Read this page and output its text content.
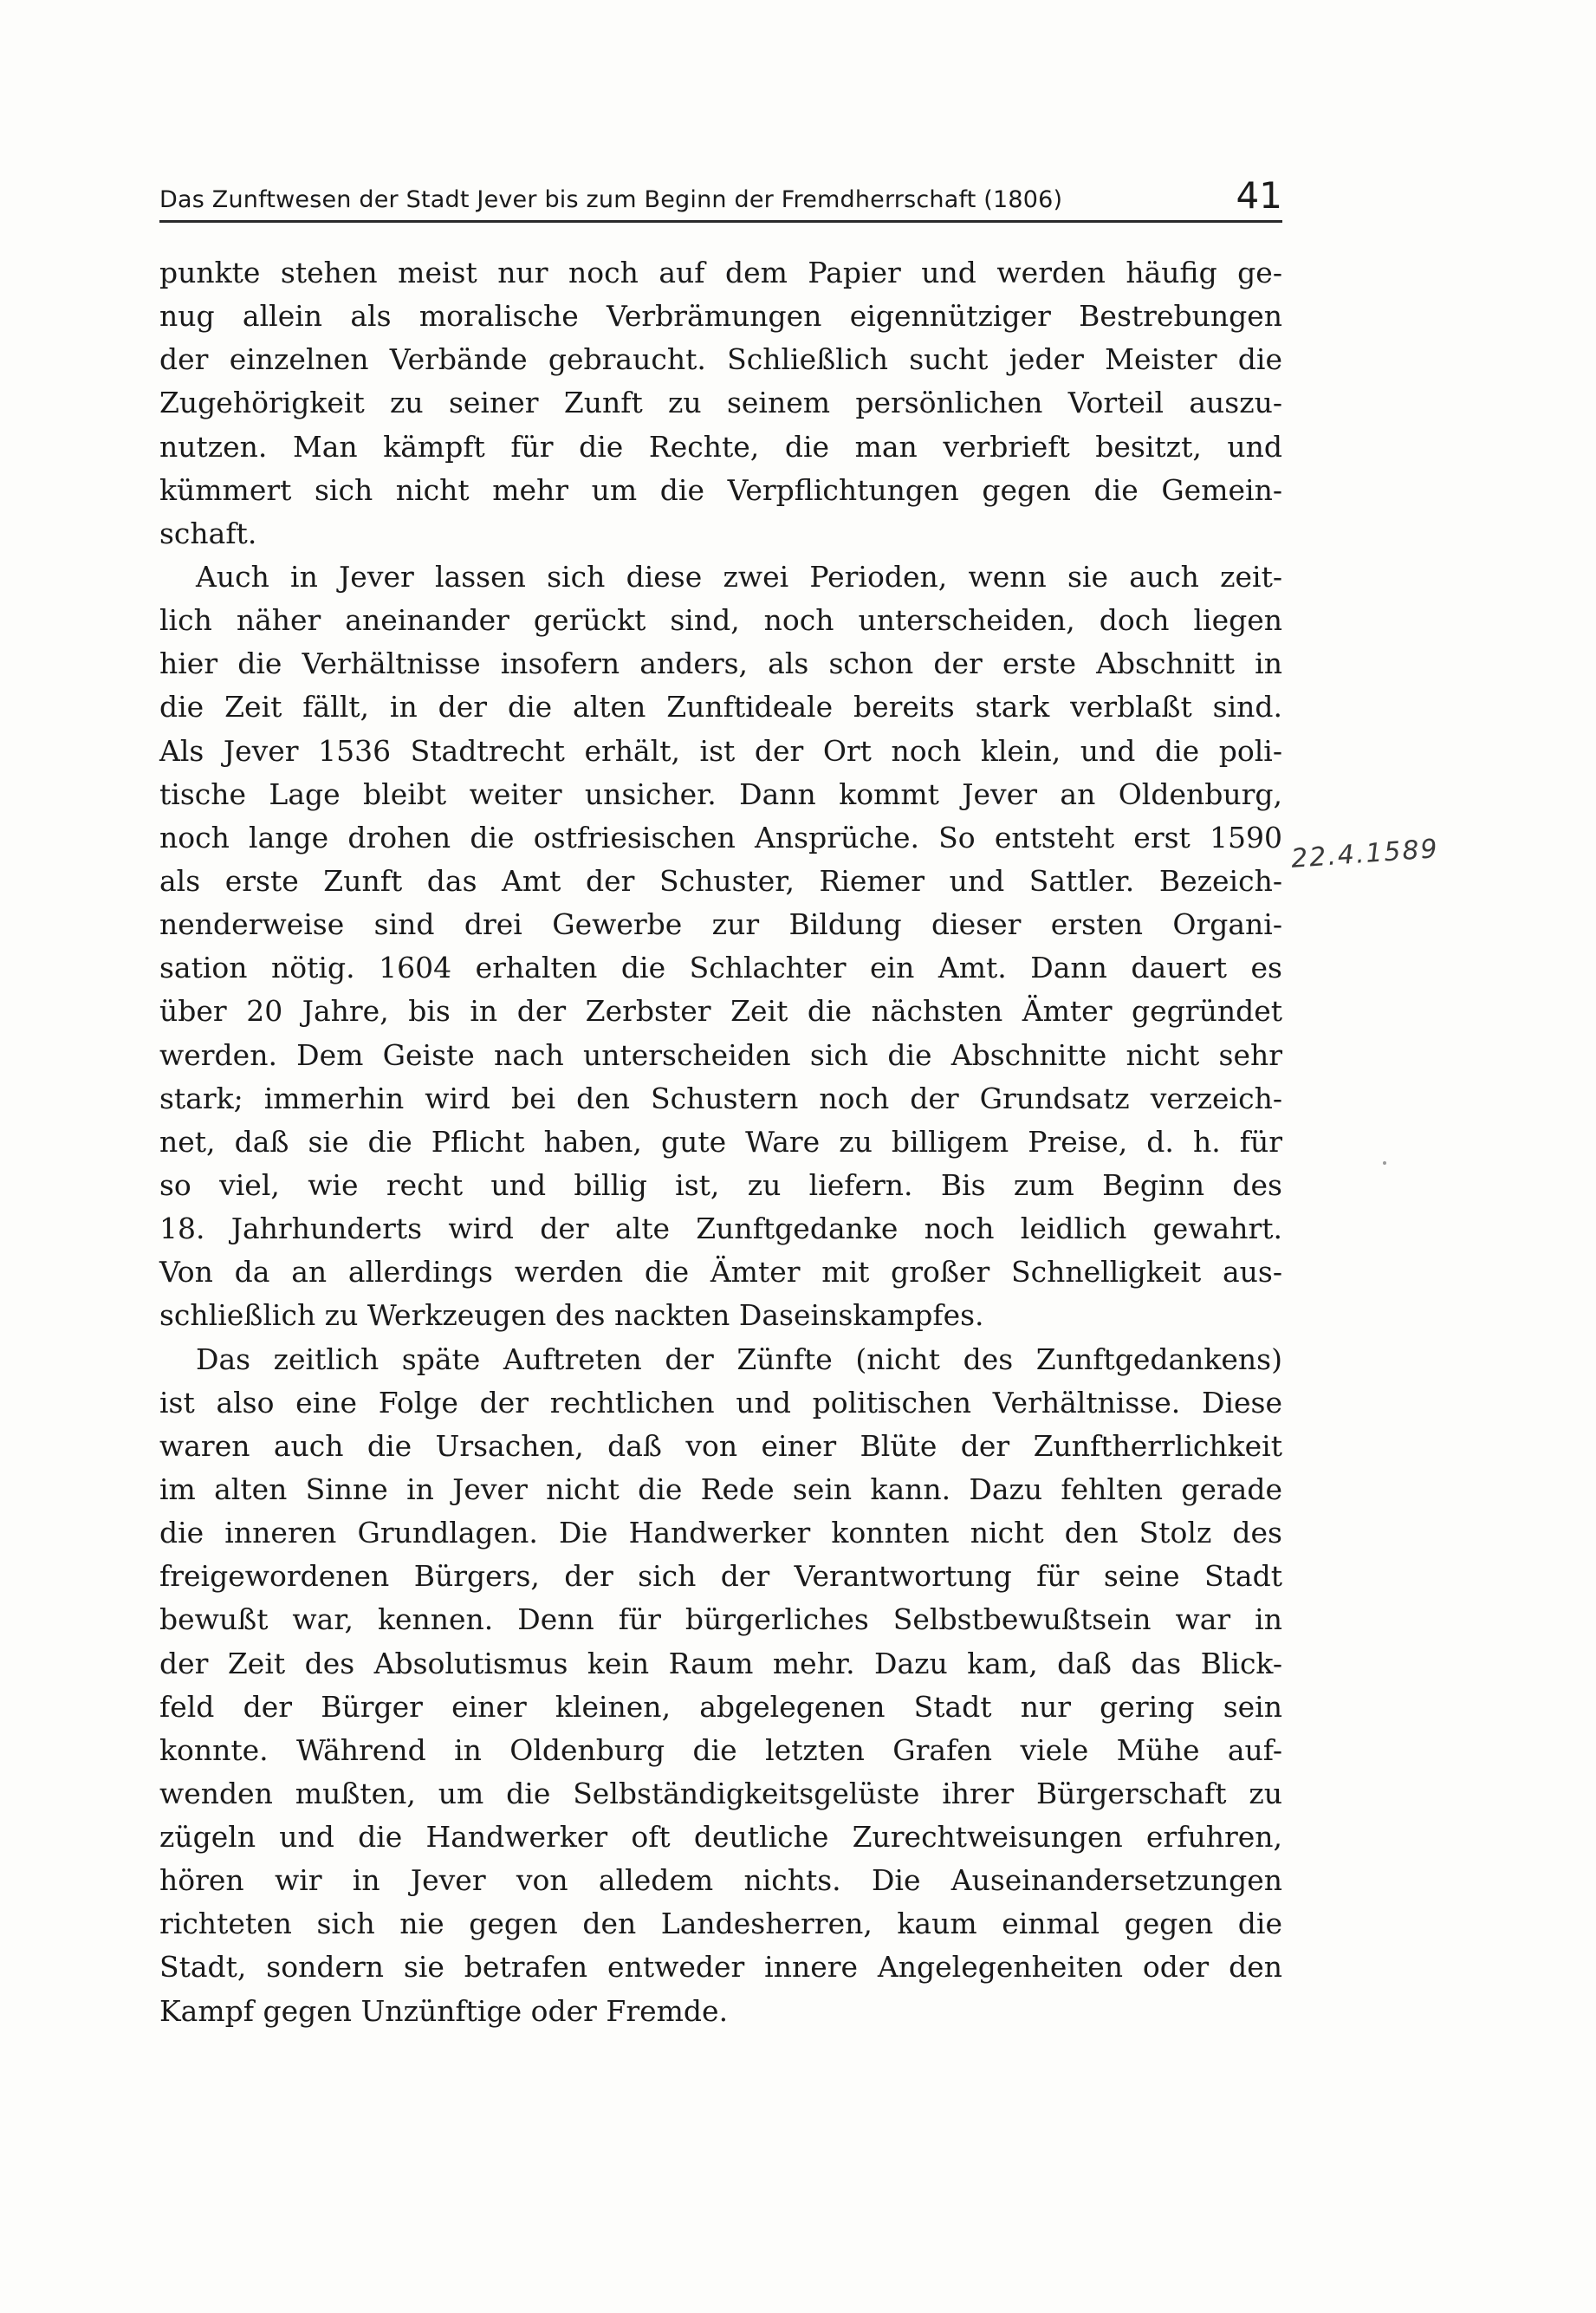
Das Zunftwesen der Stadt Jever bis zum Beginn der Fremdherrschaft (1806)	41
punkte stehen meist nur noch auf dem Papier und werden häufig ge-
nug allein als moralische Verbrämungen eigennütziger Bestrebungen
der einzelnen Verbände gebraucht. Schließlich sucht jeder Meister die
Zugehörigkeit zu seiner Zunft zu seinem persönlichen Vorteil auszu-
nutzen. Man kämpft für die Rechte, die man verbrieft besitzt, und
kümmert sich nicht mehr um die Verpflichtungen gegen die Gemein-
schaft.
Auch in Jever lassen sich diese zwei Perioden, wenn sie auch zeit-
lich näher aneinander gerückt sind, noch unterscheiden, doch liegen
hier die Verhältnisse insofern anders, als schon der erste Abschnitt in
die Zeit fällt, in der die alten Zunftideale bereits stark verblaßt sind.
Als Jever 1536 Stadtrecht erhält, ist der Ort noch klein, und die poli-
tische Lage bleibt weiter unsicher. Dann kommt Jever an Oldenburg,
noch lange drohen die ostfriesischen Ansprüche. So entsteht erst 1590
als erste Zunft das Amt der Schuster, Riemer und Sattler. Bezeich-
nenderweise sind drei Gewerbe zur Bildung dieser ersten Organi-
sation nötig. 1604 erhalten die Schlachter ein Amt. Dann dauert es
über 20 Jahre, bis in der Zerbster Zeit die nächsten Ämter gegründet
werden. Dem Geiste nach unterscheiden sich die Abschnitte nicht sehr
stark; immerhin wird bei den Schustern noch der Grundsatz verzeich-
net, daß sie die Pflicht haben, gute Ware zu billigem Preise, d. h. für
so viel, wie recht und billig ist, zu liefern. Bis zum Beginn des
18. Jahrhunderts wird der alte Zunftgedanke noch leidlich gewahrt.
Von da an allerdings werden die Ämter mit großer Schnelligkeit aus-
schließlich zu Werkzeugen des nackten Daseinskampfes.
Das zeitlich späte Auftreten der Zünfte (nicht des Zunftgedankens)
ist also eine Folge der rechtlichen und politischen Verhältnisse. Diese
waren auch die Ursachen, daß von einer Blüte der Zunftherrlichkeit
im alten Sinne in Jever nicht die Rede sein kann. Dazu fehlten gerade
die inneren Grundlagen. Die Handwerker konnten nicht den Stolz des
freigewordenen Bürgers, der sich der Verantwortung für seine Stadt
bewußt war, kennen. Denn für bürgerliches Selbstbewußtsein war in
der Zeit des Absolutismus kein Raum mehr. Dazu kam, daß das Blick-
feld der Bürger einer kleinen, abgelegenen Stadt nur gering sein
konnte. Während in Oldenburg die letzten Grafen viele Mühe auf-
wenden mußten, um die Selbständigkeitsgelüste ihrer Bürgerschaft zu
zügeln und die Handwerker oft deutliche Zurechtweisungen erfuhren,
hören wir in Jever von alledem nichts. Die Auseinandersetzungen
richteten sich nie gegen den Landesherren, kaum einmal gegen die
Stadt, sondern sie betrafen entweder innere Angelegenheiten oder den
Kampf gegen Unzünftige oder Fremde.
22.4.1589
